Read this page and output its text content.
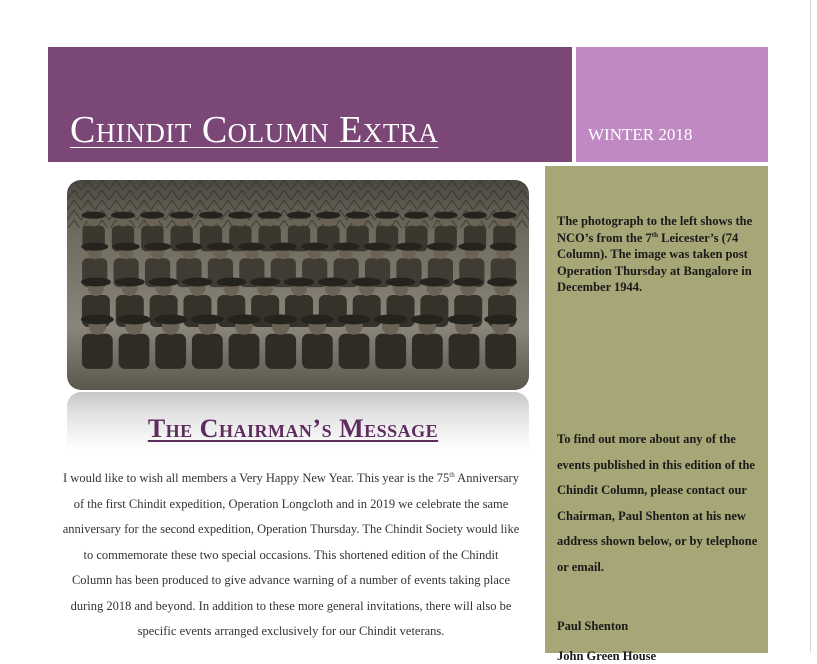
Chindit Column Extra	WINTER 2018

The photograph to the left shows the NCO’s from the 7th Leicester’s (74 Column). The image was taken post Operation Thursday at Bangalore in December 1944.

To find out more about any of the events published in this edition of the Chindit Column, please contact our Chairman, Paul Shenton at his new address shown below, or by telephone or email.

Paul Shenton

John Green House

The Chairman’s Message

I would like to wish all members a Very Happy New Year. This year is the 75th Anniversary of the first Chindit expedition, Operation Longcloth and in 2019 we celebrate the same anniversary for the second expedition, Operation Thursday. The Chindit Society would like to commemorate these two special occasions. This shortened edition of the Chindit Column has been produced to give advance warning of a number of events taking place during 2018 and beyond. In addition to these more general invitations, there will also be specific events arranged exclusively for our Chindit veterans.
